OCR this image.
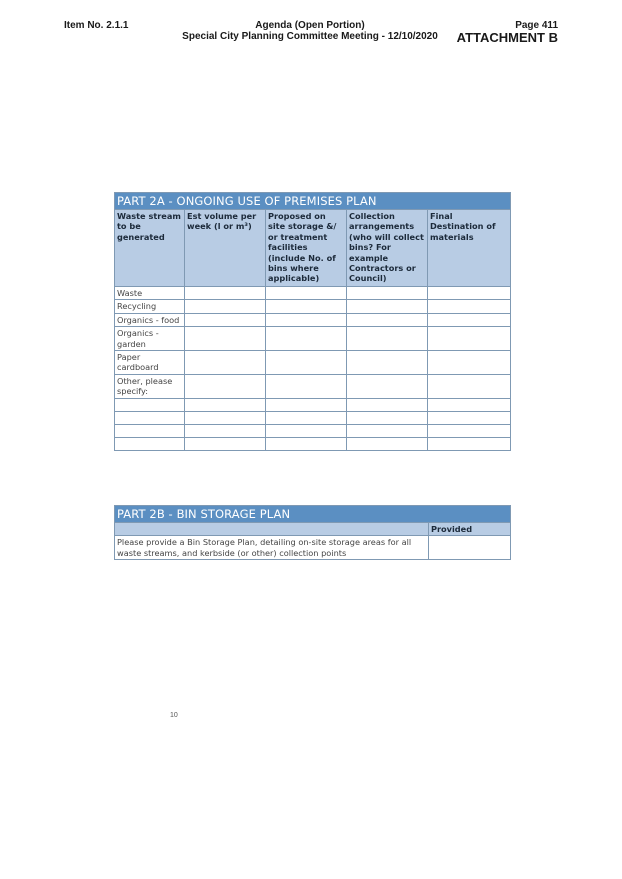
Item No. 2.1.1	Agenda (Open Portion)
Special City Planning Committee Meeting - 12/10/2020
Page 411
ATTACHMENT B
PART 2A - ONGOING USE OF PREMISES PLAN				
Waste stream to be generated	Est volume per week (l or m³)	Proposed on site storage &/ or treatment facilities (include No. of bins where applicable)	Collection arrangements (who will collect bins? For example Contractors or Council)	Final Destination of materials
Waste				
Recycling				
Organics - food				
Organics - garden				
Paper cardboard				
Other, please specify:				

PART 2B - BIN STORAGE PLAN	
	Provided
Please provide a Bin Storage Plan, detailing on-site storage areas for all waste streams, and kerbside (or other) collection points	
10
